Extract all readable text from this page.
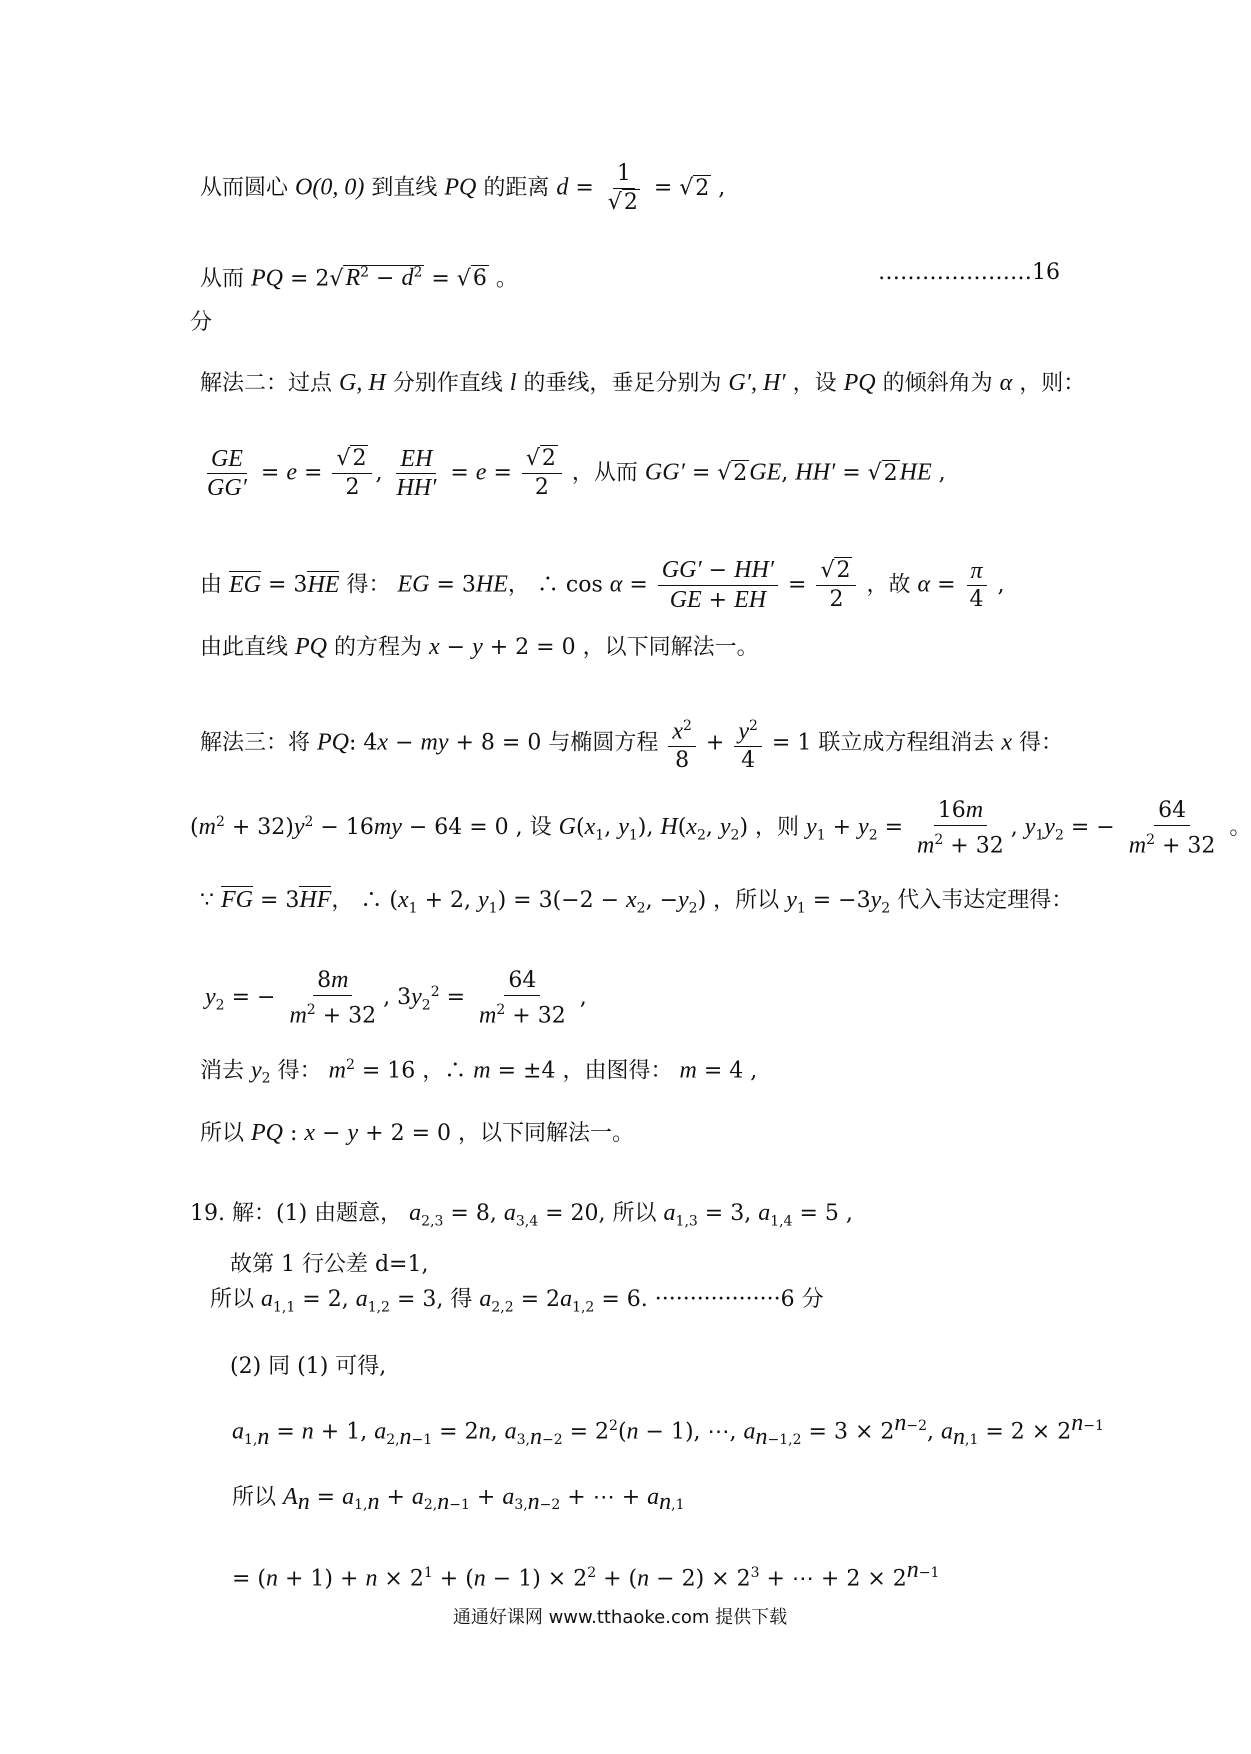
从而圆心 O(0, 0) 到直线 PQ 的距离 $d = \frac{1}{√2} = √2$ ,
从而 PQ = $2√R^2 - d^2 = √6$ 。	…………………16
分
解法二：过点 G, H 分别作直线 l 的垂线，垂足分别为 G′, H′ ，设 PQ 的倾斜角为 α ，则：
$\frac{GE}{GG'} = e = \frac{√2}{2}$ , $\frac{EH}{HH'} = e = \frac{√2}{2}$ ，从而 GG′ = √2GE, HH′ = √2HE ,
由 EG = 3HE 得： EG = 3HE， ∴ $\cos \alpha = \frac{GG' - HH'}{GE + EH} = \frac{√2}{2}$ ，故 $\alpha = \frac{\pi}{4}$ ,
由此直线 PQ 的方程为 x − y + 2 = 0 ，以下同解法一。
解法三：将 PQ: 4x − my + 8 = 0 与椭圆方程 $\frac{x^2}{8} + \frac{y^2}{4} = 1$ 联立成方程组消去 x 得：
$(m^2 + 32)y^2 - 16my - 64 = 0$ , 设 $G(x_1$, $y_1$), $H(x_2$, $y_2$) ，则 $y_1 + y_2 = \frac{16m}{m^2 + 32}$ , $y_1y_2$ = − $\frac{64}{m^2 + 32}$ 。
∵ FG = 3HF， ∴ ($x_1 + 2$, $y_1) = 3(-2 - x_2$, $-y_2$) ，所以 $y_1 = -3y_2$ 代入韦达定理得：
$y_2$ = − $\frac{8m}{m^2 + 32}$ , $3y_2^2 = \frac{64}{m^2 + 32}$ ,
消去 $y_2$ 得： $m^2 = 16$ ，∴ m = ±4 ，由图得： m = 4 ,
所以 PQ : x − y + 2 = 0 ，以下同解法一。
19. 解：(1) 由题意， $a_{2,3} = 8$, $a_{3,4} = 20$, 所以 $a_{1,3} = 3$, $a_{1,4} = 5$ ,
故第 1 行公差 d=1,
所以 $a_{1,1} = 2$, $a_{1,2} = 3$, 得 $a_{2,2} = 2a_{1,2} = 6$. ··················6 分
(2) 同 (1) 可得,
$a_{1,n} = n + 1$, $a_{2,n-1} = 2n$, $a_{3,n-2} = 2^2(n - 1)$, ⋯, $a_{n-1,2} = 3 \times 2^{n-2}$, $a_{n,1} = 2 \times 2^{n-1}$
所以 $A_n = a_{1,n} + a_{2,n-1} + a_{3,n-2}$ + ⋯ + $a_{n,1}$
= $(n + 1) + n \times 2^1 + (n - 1) \times 2^2 + (n - 2) \times 2^3$ + ⋯ + $2 \times 2^{n-1}$
通通好课网 www.tthaoke.com 提供下载
